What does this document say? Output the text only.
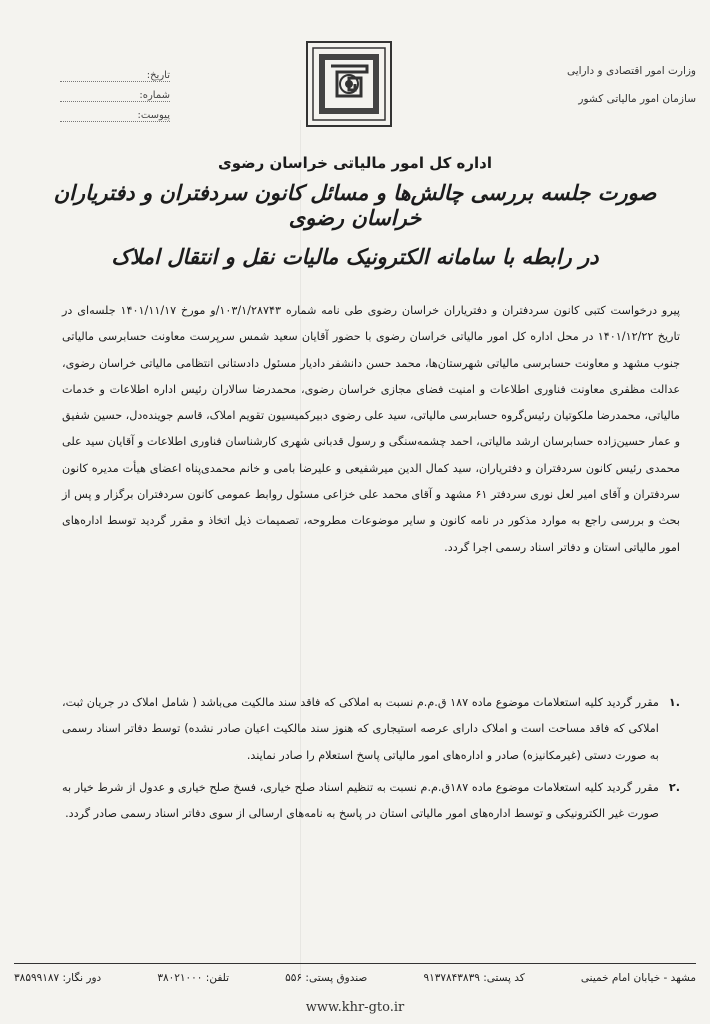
تاریخ:
شماره:
پیوست:
وزارت امور اقتصادی و دارایی
سازمان امور مالیاتی کشور
اداره کل امور مالیاتی خراسان رضوی
صورت جلسه بررسی چالش‌ها و مسائل کانون سردفتران و دفتریاران خراسان رضوی
در رابطه با سامانه الکترونیک مالیات نقل و انتقال املاک
پیرو درخواست کتبی کانون سردفتران و دفتریاران خراسان رضوی طی نامه شماره ۱۰۳/۱/۲۸۷۴۳/و مورخ ۱۴۰۱/۱۱/۱۷ جلسه‌ای در تاریخ ۱۴۰۱/۱۲/۲۲ در محل اداره کل امور مالیاتی خراسان رضوی با حضور آقایان سعید شمس سرپرست معاونت حسابرسی مالیاتی جنوب مشهد و معاونت حسابرسی مالیاتی شهرستان‌ها، محمد حسن دانشفر دادیار مسئول دادستانی انتظامی مالیاتی خراسان رضوی، عدالت مظفری معاونت فناوری اطلاعات و امنیت فضای مجازی خراسان رضوی، محمدرضا سالاران رئیس اداره اطلاعات و خدمات مالیاتی، محمدرضا ملکوتیان رئیس‌گروه حسابرسی مالیاتی، سید علی رضوی دبیرکمیسیون تقویم املاک، قاسم جویندەدل، حسین شفیق و عمار حسین‌زاده حسابرسان ارشد مالیاتی، احمد چشمه‌سنگی و رسول قدبانی شهری کارشناسان فناوری اطلاعات و آقایان سید علی محمدی رئیس کانون سردفتران و دفتریاران، سید کمال الدین میرشفیعی و علیرضا بامی و خانم محمدی‌پناه اعضای هیأت مدیره کانون سردفتران و آقای امیر لعل نوری سردفتر ۶۱ مشهد و آقای محمد علی خزاعی مسئول روابط عمومی کانون سردفتران برگزار و پس از بحث و بررسی راجع به موارد مذکور در نامه کانون و سایر موضوعات مطروحه، تصمیمات ذیل اتخاذ و مقرر گردید توسط اداره‌های امور مالیاتی استان و دفاتر اسناد رسمی اجرا گردد.
.۱
مقرر گردید کلیه استعلامات موضوع ماده ۱۸۷ ق.م.م نسبت به املاکی که فاقد سند مالکیت می‌باشد ( شامل املاک در جریان ثبت، املاکی که فاقد مساحت است و املاک دارای عرصه استیجاری که هنوز سند مالکیت اعیان صادر نشده) توسط دفاتر اسناد رسمی به صورت دستی (غیرمکانیزه) صادر و اداره‌های امور مالیاتی پاسخ استعلام را صادر نمایند.
.۲
مقرر گردید کلیه استعلامات موضوع ماده ۱۸۷ق.م.م نسبت به تنظیم اسناد صلح خیاری، فسخ صلح خیاری و عدول از شرط خیار به صورت غیر الکترونیکی و توسط اداره‌های امور مالیاتی استان در پاسخ به نامه‌های ارسالی از سوی دفاتر اسناد رسمی صادر گردد.
مشهد - خیابان امام خمینی
کد پستی: ۹۱۳۷۸۴۳۸۳۹
صندوق پستی: ۵۵۶
تلفن: ۳۸۰۲۱۰۰۰
دور نگار: ۳۸۵۹۹۱۸۷
www.khr-gto.ir
